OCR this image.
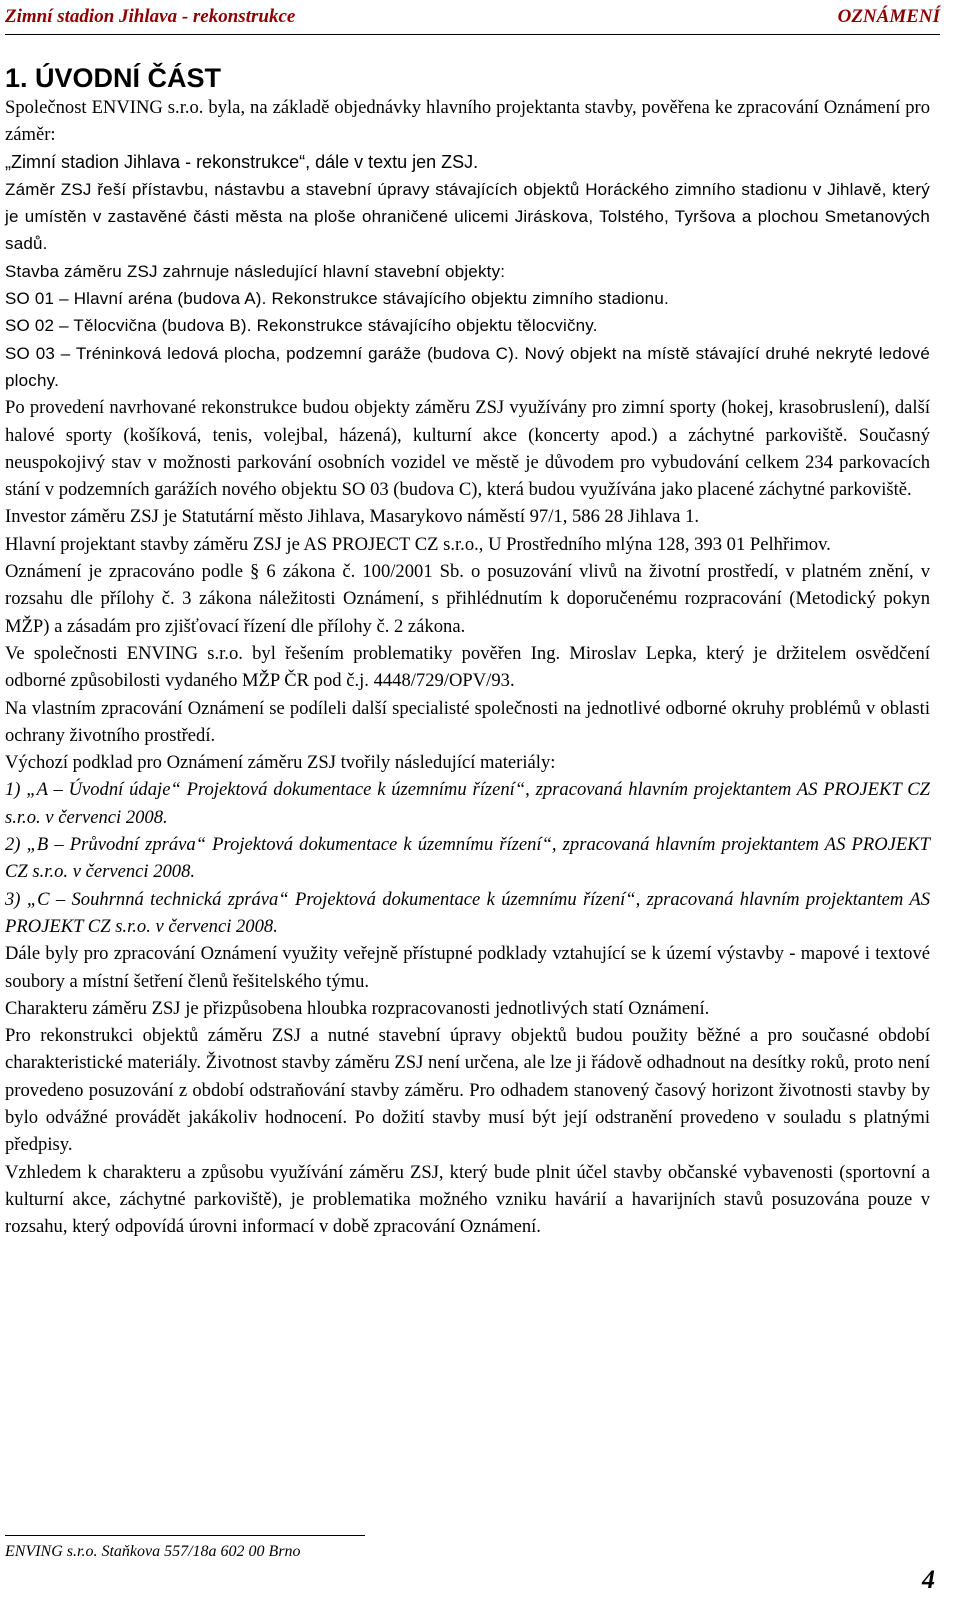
Zimní stadion Jihlava - rekonstrukce	OZNÁMENÍ
1. ÚVODNÍ ČÁST

Společnost ENVING s.r.o. byla, na základě objednávky hlavního projektanta stavby, pověřena ke zpracování Oznámení pro záměr:

„Zimní stadion Jihlava - rekonstrukce“, dále v textu jen ZSJ.

Záměr ZSJ řeší přístavbu, nástavbu a stavební úpravy stávajících objektů Horáckého zimního stadionu v Jihlavě, který je umístěn v zastavěné části města na ploše ohraničené ulicemi Jiráskova, Tolstého, Tyršova a plochou Smetanových sadů.

Stavba záměru ZSJ zahrnuje následující hlavní stavební objekty:

SO 01 – Hlavní aréna (budova A). Rekonstrukce stávajícího objektu zimního stadionu.

SO 02 – Tělocvična (budova B). Rekonstrukce stávajícího objektu tělocvičny.

SO 03 – Tréninková ledová plocha, podzemní garáže (budova C). Nový objekt na místě stávající druhé nekryté ledové plochy.

Po provedení navrhované rekonstrukce budou objekty záměru ZSJ využívány pro zimní sporty (hokej, krasobruslení), další halové sporty (košíková, tenis, volejbal, házená), kulturní akce (koncerty apod.) a záchytné parkoviště. Současný neuspokojivý stav v možnosti parkování osobních vozidel ve městě je důvodem pro vybudování celkem 234 parkovacích stání v podzemních garážích nového objektu SO 03 (budova C), která budou využívána jako placené záchytné parkoviště.

Investor záměru ZSJ je Statutární město Jihlava, Masarykovo náměstí 97/1, 586 28 Jihlava 1.

Hlavní projektant stavby záměru ZSJ je AS PROJECT CZ s.r.o., U Prostředního mlýna 128, 393 01 Pelhřimov.

Oznámení je zpracováno podle § 6 zákona č. 100/2001 Sb. o posuzování vlivů na životní prostředí, v platném znění, v rozsahu dle přílohy č. 3 zákona náležitosti Oznámení, s přihlédnutím k doporučenému rozpracování (Metodický pokyn MŽP) a zásadám pro zjišťovací řízení dle přílohy č. 2 zákona.

Ve společnosti ENVING s.r.o. byl řešením problematiky pověřen Ing. Miroslav Lepka, který je držitelem osvědčení odborné způsobilosti vydaného MŽP ČR pod č.j. 4448/729/OPV/93.

Na vlastním zpracování Oznámení se podíleli další specialisté společnosti na jednotlivé odborné okruhy problémů v oblasti ochrany životního prostředí.

Výchozí podklad pro Oznámení záměru ZSJ tvořily následující materiály:

1) „A – Úvodní údaje“ Projektová dokumentace k územnímu řízení“, zpracovaná hlavním projektantem AS PROJEKT CZ s.r.o. v červenci 2008.

2) „B – Průvodní zpráva“ Projektová dokumentace k územnímu řízení“, zpracovaná hlavním projektantem AS PROJEKT CZ s.r.o. v červenci 2008.

3) „C – Souhrnná technická zpráva“ Projektová dokumentace k územnímu řízení“, zpracovaná hlavním projektantem AS PROJEKT CZ s.r.o. v červenci 2008.

Dále byly pro zpracování Oznámení využity veřejně přístupné podklady vztahující se k území výstavby - mapové i textové soubory a místní šetření členů řešitelského týmu.

Charakteru záměru ZSJ je přizpůsobena hloubka rozpracovanosti jednotlivých statí Oznámení.

Pro rekonstrukci objektů záměru ZSJ a nutné stavební úpravy objektů budou použity běžné a pro současné období charakteristické materiály. Životnost stavby záměru ZSJ není určena, ale lze ji řádově odhadnout na desítky roků, proto není provedeno posuzování z období odstraňování stavby záměru. Pro odhadem stanovený časový horizont životnosti stavby by bylo odvážné provádět jakákoliv hodnocení. Po dožití stavby musí být její odstranění provedeno v souladu s platnými předpisy.

Vzhledem k charakteru a způsobu využívání záměru ZSJ, který bude plnit účel stavby občanské vybavenosti (sportovní a kulturní akce, záchytné parkoviště), je problematika možného vzniku havárií a havarijních stavů posuzována pouze v rozsahu, který odpovídá úrovni informací v době zpracování Oznámení.

ENVING s.r.o. Staňkova 557/18a 602 00 Brno
4
